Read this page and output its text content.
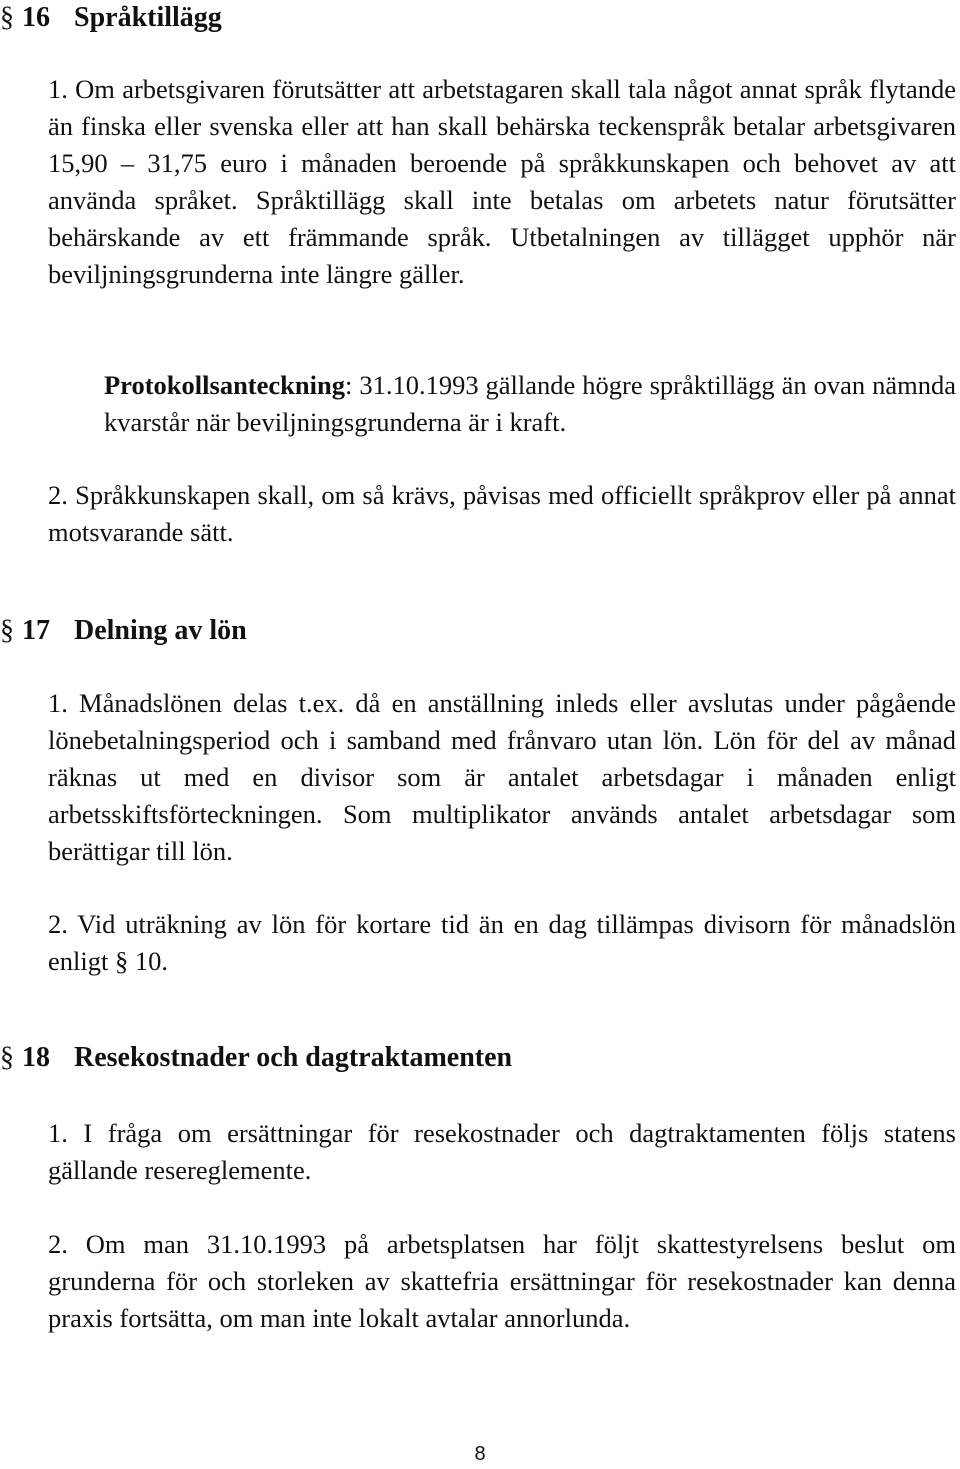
§ 16 Språktillägg
1. Om arbetsgivaren förutsätter att arbetstagaren skall tala något annat språk flytande än finska eller svenska eller att han skall behärska teckenspråk betalar arbetsgivaren 15,90 – 31,75 euro i månaden beroende på språkkunskapen och behovet av att använda språket. Språktillägg skall inte betalas om arbetets natur förutsätter behärskande av ett främmande språk. Utbetalningen av tillägget upphör när beviljningsgrunderna inte längre gäller.
Protokollsanteckning: 31.10.1993 gällande högre språktillägg än ovan nämnda kvarstår när beviljningsgrunderna är i kraft.
2. Språkkunskapen skall, om så krävs, påvisas med officiellt språkprov eller på annat motsvarande sätt.
§ 17 Delning av lön
1. Månadslönen delas t.ex. då en anställning inleds eller avslutas under pågående lönebetalningsperiod och i samband med frånvaro utan lön. Lön för del av månad räknas ut med en divisor som är antalet arbetsdagar i månaden enligt arbetsskiftsförteckningen. Som multiplikator används antalet arbetsdagar som berättigar till lön.
2. Vid uträkning av lön för kortare tid än en dag tillämpas divisorn för månadslön enligt § 10.
§ 18 Resekostnader och dagtraktamenten
1. I fråga om ersättningar för resekostnader och dagtraktamenten följs statens gällande resereglemente.
2. Om man 31.10.1993 på arbetsplatsen har följt skattestyrelsens beslut om grunderna för och storleken av skattefria ersättningar för resekostnader kan denna praxis fortsätta, om man inte lokalt avtalar annorlunda.
8
